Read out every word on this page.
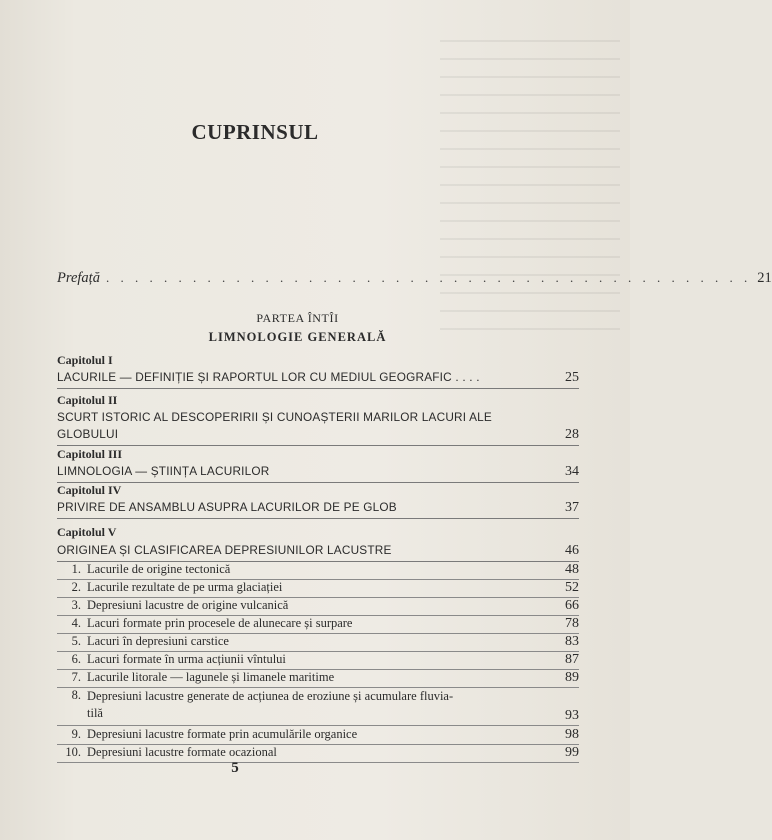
CUPRINSUL
Prefață . . . . . . . . . . . . . . . . . . . . . . . . . . . . . . . . . . . . . . . . . . . . . 21
PARTEA ÎNTÎI
LIMNOLOGIE GENERALĂ
Capitolul I
LACURILE — DEFINIȚIE ȘI RAPORTUL LOR CU MEDIUL GEOGRAFIC . . . .	25
Capitolul II
SCURT ISTORIC AL DESCOPERIRII ȘI CUNOAȘTERII MARILOR LACURI ALE
GLOBULUI	28
Capitolul III
LIMNOLOGIA — ȘTIINȚA LACURILOR	34
Capitolul IV
PRIVIRE DE ANSAMBLU ASUPRA LACURILOR DE PE GLOB	37
Capitolul V
ORIGINEA ȘI CLASIFICAREA DEPRESIUNILOR LACUSTRE	46
1. Lacurile de origine tectonică	48
2. Lacurile rezultate de pe urma glaciației	52
3. Depresiuni lacustre de origine vulcanică	66
4. Lacuri formate prin procesele de alunecare și surpare	78
5. Lacuri în depresiuni carstice	83
6. Lacuri formate în urma acțiunii vîntului	87
7. Lacurile litorale — lagunele și limanele maritime	89
8. Depresiuni lacustre generate de acțiunea de eroziune și acumulare fluvia-
tilă	93
9. Depresiuni lacustre formate prin acumulările organice	98
10. Depresiuni lacustre formate ocazional	99
5
